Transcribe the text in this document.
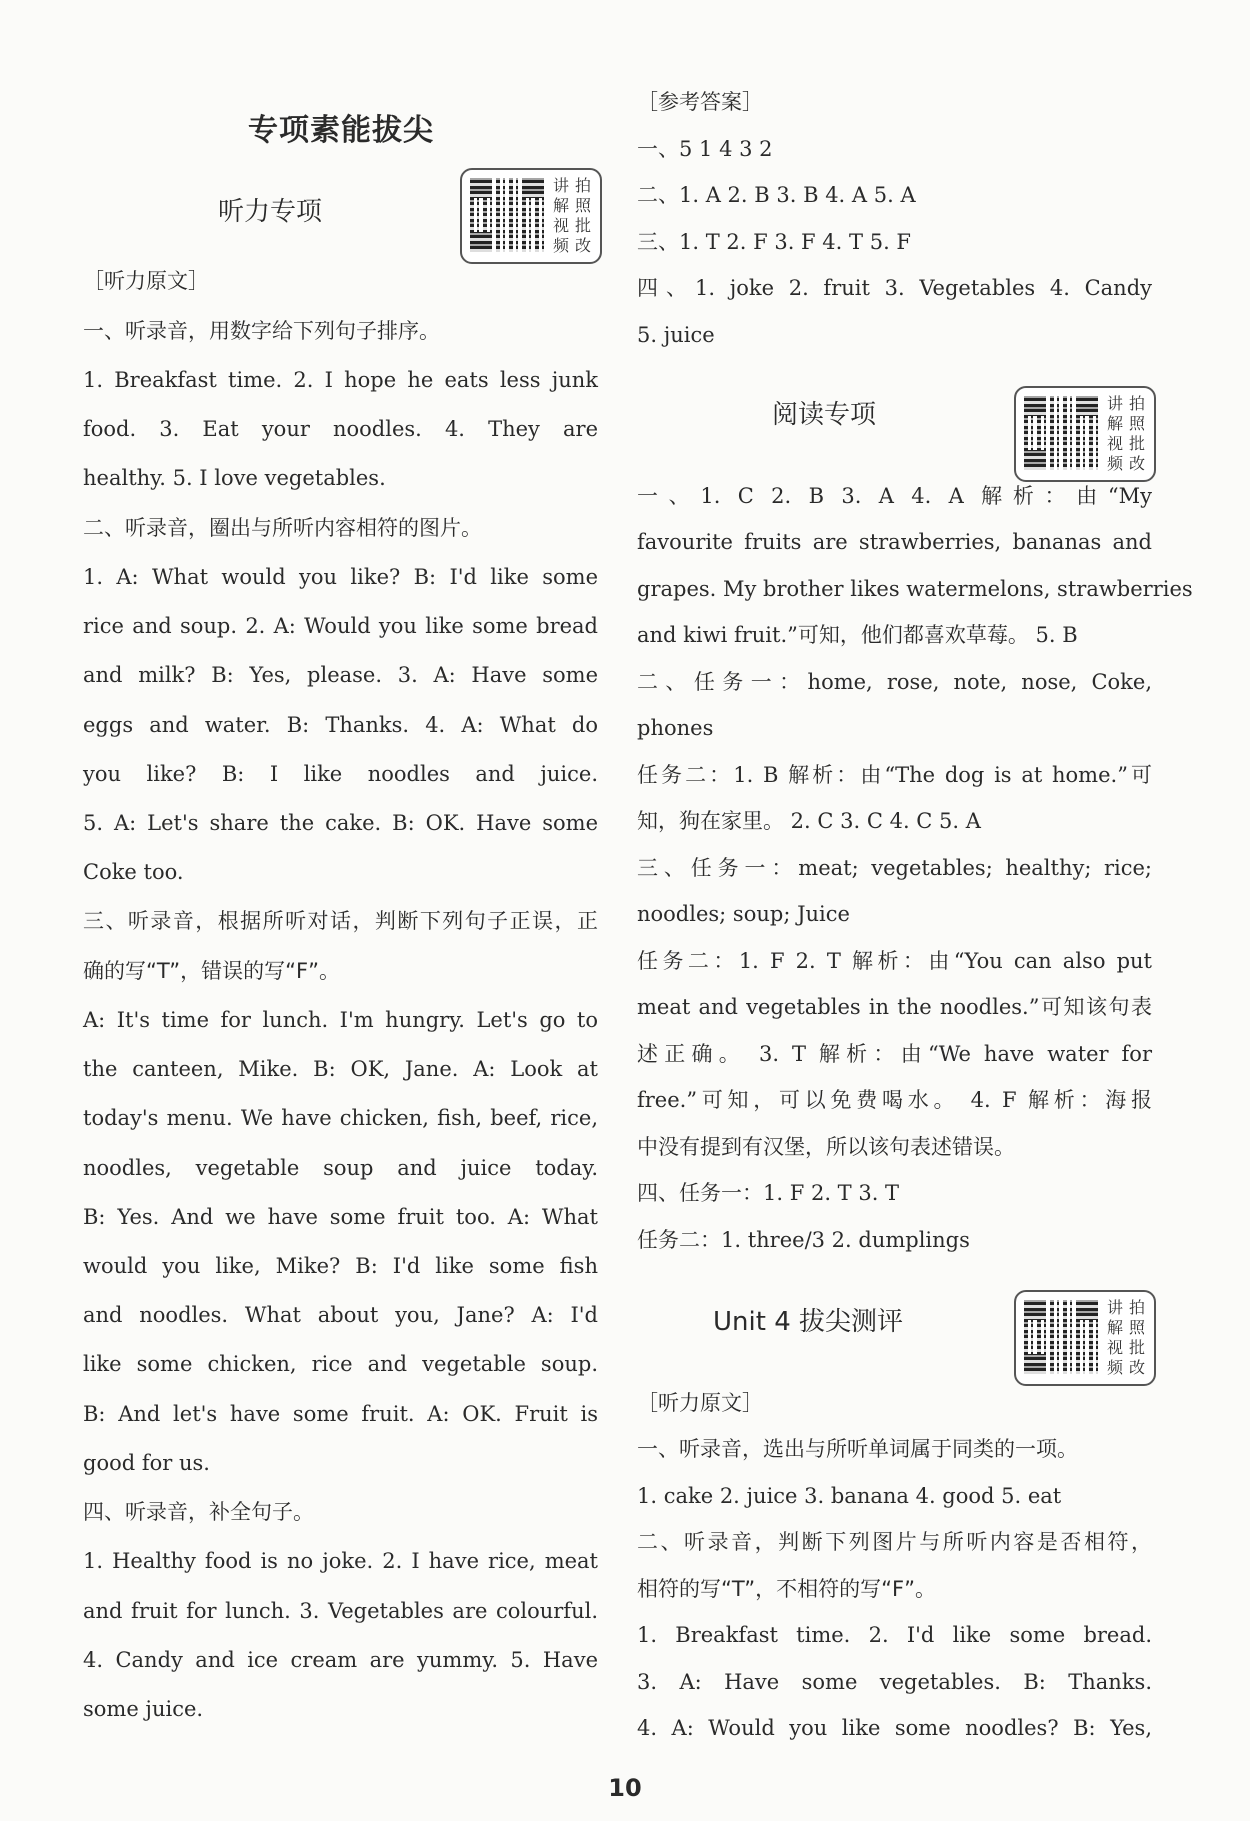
专项素能拔尖
听力专项
［听力原文］
一、听录音，用数字给下列句子排序。
1. Breakfast time. 2. I hope he eats less junk
food. 3. Eat your noodles. 4. They are
healthy. 5. I love vegetables.
二、听录音，圈出与所听内容相符的图片。
1. A: What would you like? B: I'd like some
rice and soup. 2. A: Would you like some bread
and milk? B: Yes, please. 3. A: Have some
eggs and water. B: Thanks. 4. A: What do
you like? B: I like noodles and juice.
5. A: Let's share the cake. B: OK. Have some
Coke too.
三、听录音，根据所听对话，判断下列句子正误，正
确的写“T”，错误的写“F”。
A: It's time for lunch. I'm hungry. Let's go to
the canteen, Mike. B: OK, Jane. A: Look at
today's menu. We have chicken, fish, beef, rice,
noodles, vegetable soup and juice today.
B: Yes. And we have some fruit too. A: What
would you like, Mike? B: I'd like some fish
and noodles. What about you, Jane? A: I'd
like some chicken, rice and vegetable soup.
B: And let's have some fruit. A: OK. Fruit is
good for us.
四、听录音，补全句子。
1. Healthy food is no joke. 2. I have rice, meat
and fruit for lunch. 3. Vegetables are colourful.
4. Candy and ice cream are yummy. 5. Have
some juice.
［参考答案］
一、5 1 4 3 2
二、1. A 2. B 3. B 4. A 5. A
三、1. T 2. F 3. F 4. T 5. F
四、1. joke 2. fruit 3. Vegetables 4. Candy
5. juice
阅读专项
一、1. C 2. B 3. A 4. A 解析：由“My
favourite fruits are strawberries, bananas and
grapes. My brother likes watermelons, strawberries
and kiwi fruit.”可知，他们都喜欢草莓。 5. B
二、任务一：home, rose, note, nose, Coke,
phones
任务二：1. B 解析：由“The dog is at home.”可
知，狗在家里。 2. C 3. C 4. C 5. A
三、任务一：meat; vegetables; healthy; rice;
noodles; soup; Juice
任务二：1. F 2. T 解析：由“You can also put
meat and vegetables in the noodles.”可知该句表
述正确。 3. T 解析：由“We have water for
free.”可知，可以免费喝水。 4. F 解析：海报
中没有提到有汉堡，所以该句表述错误。
四、任务一：1. F 2. T 3. T
任务二：1. three/3 2. dumplings
Unit 4 拔尖测评
［听力原文］
一、听录音，选出与所听单词属于同类的一项。
1. cake 2. juice 3. banana 4. good 5. eat
二、听录音，判断下列图片与所听内容是否相符，
相符的写“T”，不相符的写“F”。
1. Breakfast time. 2. I'd like some bread.
3. A: Have some vegetables. B: Thanks.
4. A: Would you like some noodles? B: Yes,
讲 拍
解 照
视 批
频 改
讲 拍
解 照
视 批
频 改
讲 拍
解 照
视 批
频 改
10
